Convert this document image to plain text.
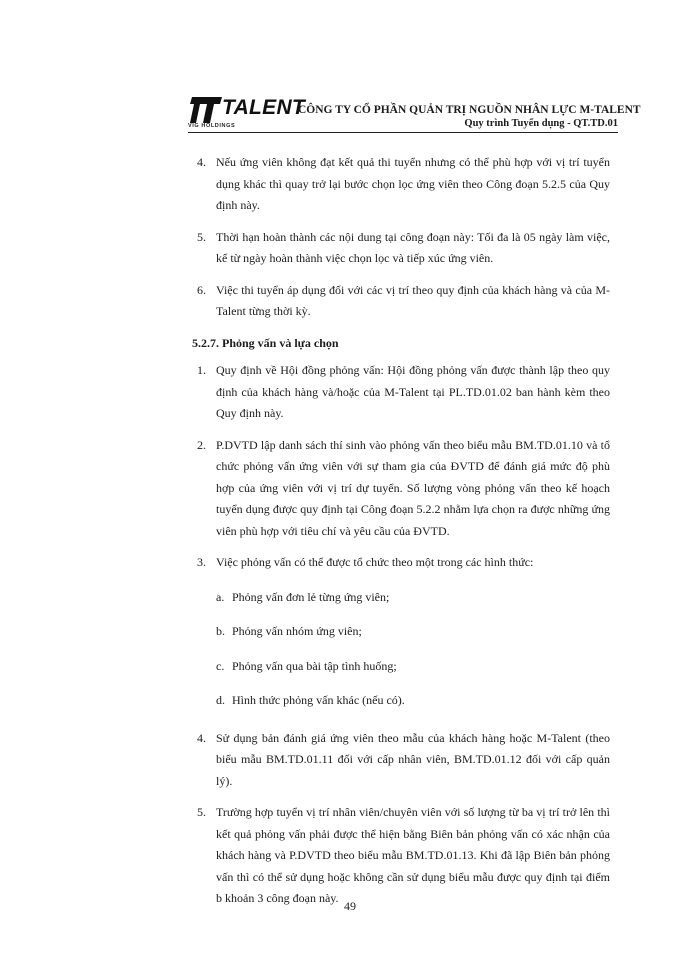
TALENT
VIG HOLDINGS
CÔNG TY CỔ PHẦN QUẢN TRỊ NGUỒN NHÂN LỰC M-TALENT
Quy trình Tuyển dụng - QT.TD.01
4. Nếu ứng viên không đạt kết quả thi tuyển nhưng có thể phù hợp với vị trí tuyển dụng khác thì quay trở lại bước chọn lọc ứng viên theo Công đoạn 5.2.5 của Quy định này.
5. Thời hạn hoàn thành các nội dung tại công đoạn này: Tối đa là 05 ngày làm việc, kể từ ngày hoàn thành việc chọn lọc và tiếp xúc ứng viên.
6. Việc thi tuyển áp dụng đối với các vị trí theo quy định của khách hàng và của M-Talent từng thời kỳ.
5.2.7. Phỏng vấn và lựa chọn
1. Quy định về Hội đồng phỏng vấn: Hội đồng phỏng vấn được thành lập theo quy định của khách hàng và/hoặc của M-Talent tại PL.TD.01.02 ban hành kèm theo Quy định này.
2. P.DVTD lập danh sách thí sinh vào phỏng vấn theo biểu mẫu BM.TD.01.10 và tổ chức phỏng vấn ứng viên với sự tham gia của ĐVTD để đánh giá mức độ phù hợp của ứng viên với vị trí dự tuyển. Số lượng vòng phỏng vấn theo kế hoạch tuyển dụng được quy định tại Công đoạn 5.2.2 nhằm lựa chọn ra được những ứng viên phù hợp với tiêu chí và yêu cầu của ĐVTD.
3. Việc phỏng vấn có thể được tổ chức theo một trong các hình thức:
a. Phỏng vấn đơn lẻ từng ứng viên;
b. Phỏng vấn nhóm ứng viên;
c. Phỏng vấn qua bài tập tình huống;
d. Hình thức phỏng vấn khác (nếu có).
4. Sử dụng bản đánh giá ứng viên theo mẫu của khách hàng hoặc M-Talent (theo biểu mẫu BM.TD.01.11 đối với cấp nhân viên, BM.TD.01.12 đối với cấp quản lý).
5. Trường hợp tuyển vị trí nhân viên/chuyên viên với số lượng từ ba vị trí trở lên thì kết quả phỏng vấn phải được thể hiện bằng Biên bản phỏng vấn có xác nhận của khách hàng và P.DVTD theo biểu mẫu BM.TD.01.13. Khi đã lập Biên bản phỏng vấn thì có thể sử dụng hoặc không cần sử dụng biểu mẫu được quy định tại điểm b khoản 3 công đoạn này.
49
